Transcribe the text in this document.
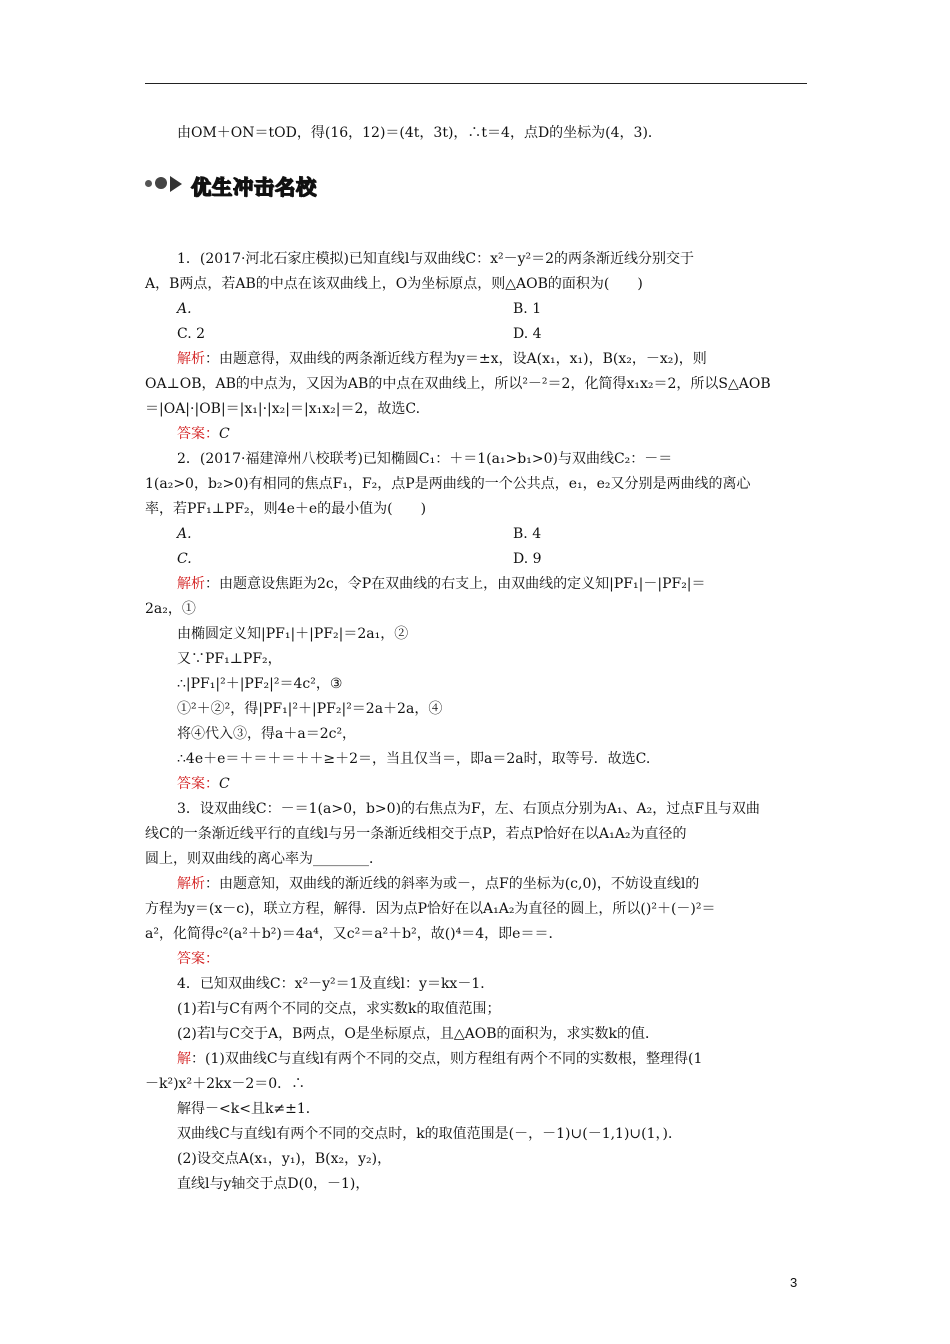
由OM＋ON＝tOD，得(16，12)＝(4t，3t)，∴t＝4，点D的坐标为(4，3)．
优生冲击名校
1．(2017·河北石家庄模拟)已知直线l与双曲线C：x²－y²＝2的两条渐近线分别交于
A，B两点，若AB的中点在该双曲线上，O为坐标原点，则△AOB的面积为(　　)
A.	B. 1
C. 2	D. 4
解析：由题意得，双曲线的两条渐近线方程为y＝±x，设A(x₁，x₁)，B(x₂，－x₂)，则
OA⊥OB，AB的中点为，又因为AB的中点在双曲线上，所以²－²＝2，化简得x₁x₂＝2，所以S△AOB
＝|OA|·|OB|＝|x₁|·|x₂|＝|x₁x₂|＝2，故选C.
答案：C
2．(2017·福建漳州八校联考)已知椭圆C₁：＋＝1(a₁>b₁>0)与双曲线C₂：－＝
1(a₂>0，b₂>0)有相同的焦点F₁，F₂，点P是两曲线的一个公共点，e₁，e₂又分别是两曲线的离心
率，若PF₁⊥PF₂，则4e＋e的最小值为(　　)
A.	B. 4
C.	D. 9
解析：由题意设焦距为2c，令P在双曲线的右支上，由双曲线的定义知|PF₁|－|PF₂|＝
2a₂，①
由椭圆定义知|PF₁|＋|PF₂|＝2a₁，②
又∵PF₁⊥PF₂，
∴|PF₁|²＋|PF₂|²＝4c²，③
①²＋②²，得|PF₁|²＋|PF₂|²＝2a＋2a，④
将④代入③，得a＋a＝2c²，
∴4e＋e＝＋＝＋＝＋＋≥＋2＝，当且仅当＝，即a＝2a时，取等号．故选C.
答案：C
3．设双曲线C：－＝1(a>0，b>0)的右焦点为F，左、右顶点分别为A₁、A₂，过点F且与双曲
线C的一条渐近线平行的直线l与另一条渐近线相交于点P，若点P恰好在以A₁A₂为直径的
圆上，则双曲线的离心率为________．
解析：由题意知，双曲线的渐近线的斜率为或－，点F的坐标为(c,0)，不妨设直线l的
方程为y＝(x－c)，联立方程，解得．因为点P恰好在以A₁A₂为直径的圆上，所以()²＋(－)²＝
a²，化简得c²(a²＋b²)＝4a⁴，又c²＝a²＋b²，故()⁴＝4，即e＝＝．
答案：
4．已知双曲线C：x²－y²＝1及直线l：y＝kx－1．
(1)若l与C有两个不同的交点，求实数k的取值范围；
(2)若l与C交于A，B两点，O是坐标原点，且△AOB的面积为，求实数k的值．
解：(1)双曲线C与直线l有两个不同的交点，则方程组有两个不同的实数根，整理得(1
－k²)x²＋2kx－2＝0．∴
解得－<k<且k≠±1．
双曲线C与直线l有两个不同的交点时，k的取值范围是(－，－1)∪(－1,1)∪(1，)．
(2)设交点A(x₁，y₁)，B(x₂，y₂)，
直线l与y轴交于点D(0，－1)，
3
